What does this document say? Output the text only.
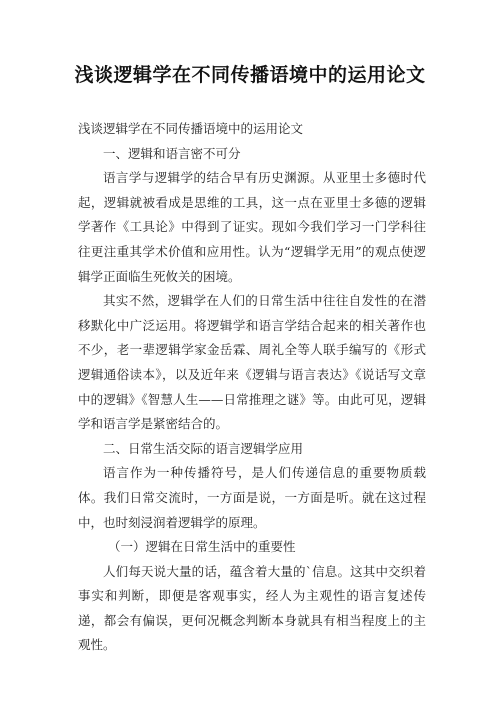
浅谈逻辑学在不同传播语境中的运用论文

浅谈逻辑学在不同传播语境中的运用论文

一、逻辑和语言密不可分

语言学与逻辑学的结合早有历史渊源。从亚里士多德时代起，逻辑就被看成是思维的工具，这一点在亚里士多德的逻辑学著作《工具论》中得到了证实。现如今我们学习一门学科往往更注重其学术价值和应用性。认为“逻辑学无用”的观点使逻辑学正面临生死攸关的困境。

其实不然，逻辑学在人们的日常生活中往往自发性的在潜移默化中广泛运用。将逻辑学和语言学结合起来的相关著作也不少，老一辈逻辑学家金岳霖、周礼全等人联手编写的《形式逻辑通俗读本》，以及近年来《逻辑与语言表达》《说话写文章中的逻辑》《智慧人生——日常推理之谜》等。由此可见，逻辑学和语言学是紧密结合的。

二、日常生活交际的语言逻辑学应用

语言作为一种传播符号，是人们传递信息的重要物质载体。我们日常交流时，一方面是说，一方面是听。就在这过程中，也时刻浸润着逻辑学的原理。

（一）逻辑在日常生活中的重要性

人们每天说大量的话，蕴含着大量的`信息。这其中交织着事实和判断，即便是客观事实，经人为主观性的语言复述传递，都会有偏误，更何况概念判断本身就具有相当程度上的主观性。
